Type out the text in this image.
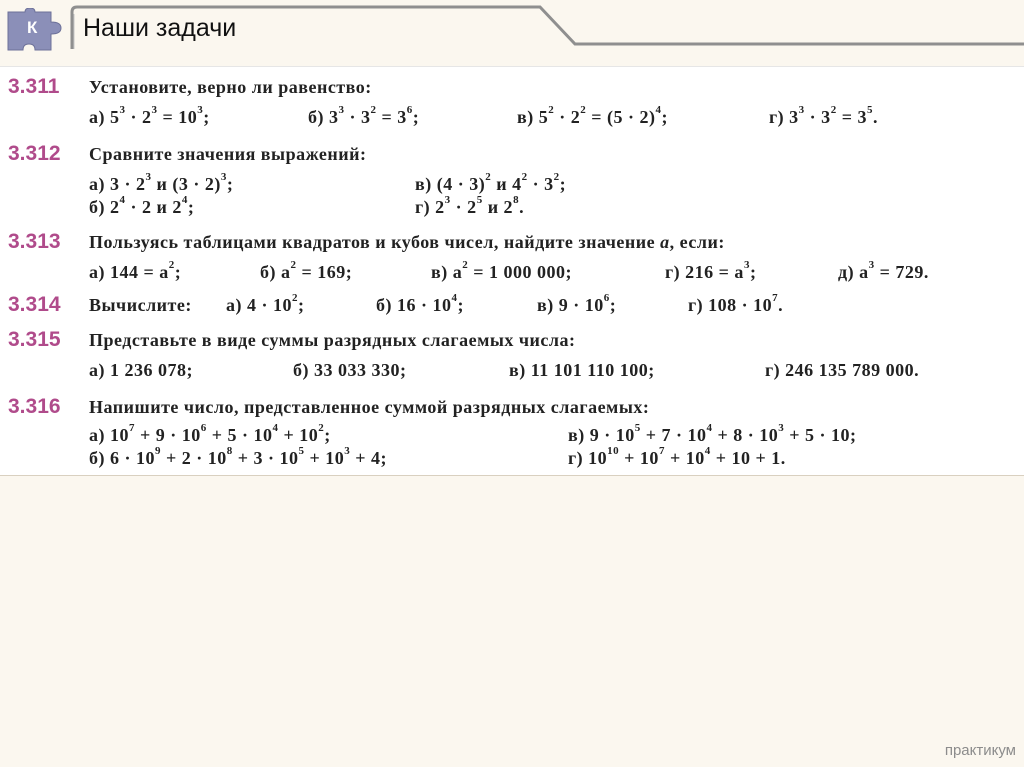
К Наши задачи
3.311 Установите, верно ли равенство:
а) $5^3 \cdot 2^3 = 10^3$;	б) $3^3 \cdot 3^2 = 3^6$;	в) $5^2 \cdot 2^2 = (5 \cdot 2)^4$;	г) $3^3 \cdot 3^2 = 3^5$.
3.312 Сравните значения выражений:
а) $3 \cdot 2^3$ и $(3 \cdot 2)^3$;	в) $(4 \cdot 3)^2$ и $4^2 \cdot 3^2$;
б) $2^4 \cdot 2$ и $2^4$;	г) $2^3 \cdot 2^5$ и $2^8$.
3.313 Пользуясь таблицами квадратов и кубов чисел, найдите значение a, если:
а) $144 = a^2$;	б) $a^2 = 169$;	в) $a^2 = 1$ 000 000;	г) $216 = a^3$;	д) $a^3 = 729$.
3.314 Вычислите: а) $4 \cdot 10^2$;	б) $16 \cdot 10^4$;	в) $9 \cdot 10^6$;	г) $108 \cdot 10^7$.
3.315 Представьте в виде суммы разрядных слагаемых числа:
а) 1 236 078;	б) 33 033 330;	в) 11 101 110 100;	г) 246 135 789 000.
3.316 Напишите число, представленное суммой разрядных слагаемых:
а) $10^7 + 9 \cdot 10^6 + 5 \cdot 10^4 + 10^2$;	в) $9 \cdot 10^5 + 7 \cdot 10^4 + 8 \cdot 10^3 + 5 \cdot 10$;
б) $6 \cdot 10^9 + 2 \cdot 10^8 + 3 \cdot 10^5 + 10^3 + 4$;	г) $10^{10} + 10^7 + 10^4 + 10 + 1$.
практикум
